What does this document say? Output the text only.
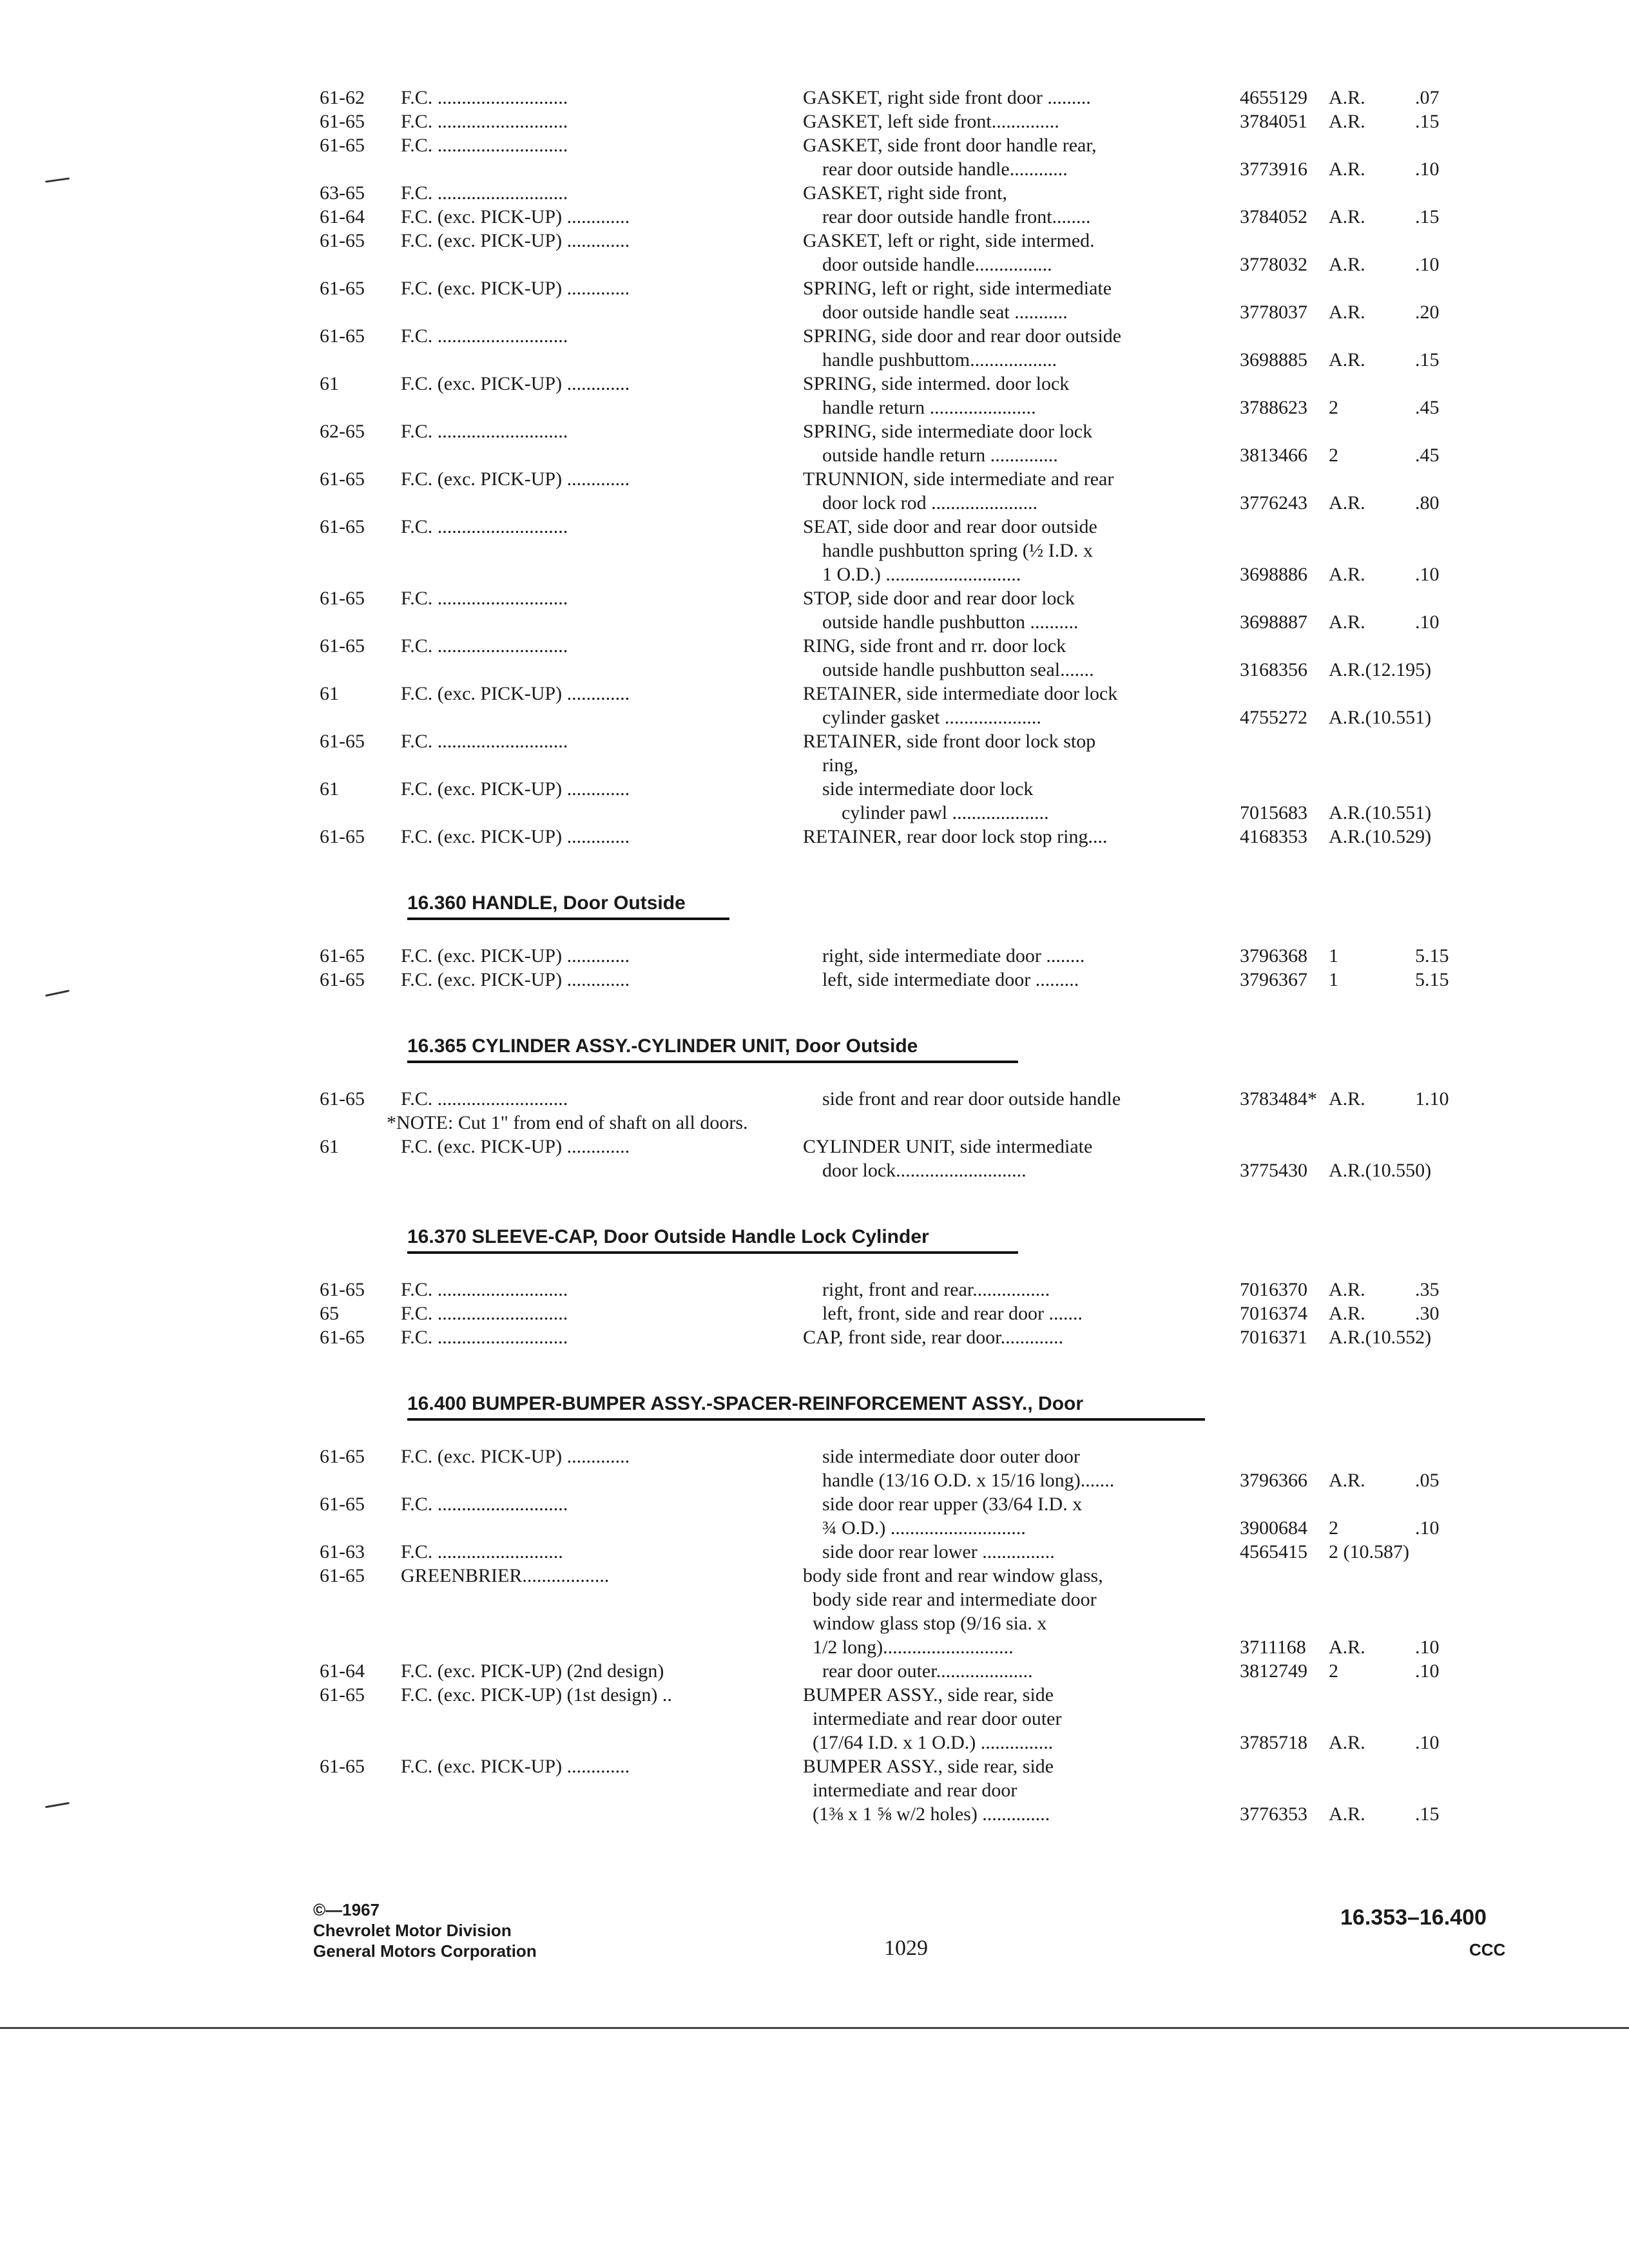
61-62 F.C. ...........................	GASKET, right side front door .........	4655129 A.R.	.07
61-65 F.C. ...........................	GASKET, left side front..............	3784051 A.R.	.15
61-65 F.C. ...........................	GASKET, side front door handle rear,
rear door outside handle............	3773916 A.R.	.10
63-65 F.C. ...........................	GASKET, right side front,
61-64 F.C. (exc. PICK-UP) .............	rear door outside handle front........	3784052 A.R.	.15
61-65 F.C. (exc. PICK-UP) .............	GASKET, left or right, side intermed.
door outside handle................	3778032 A.R.	.10
61-65 F.C. (exc. PICK-UP) .............	SPRING, left or right, side intermediate
door outside handle seat ...........	3778037 A.R.	.20
61-65 F.C. ...........................	SPRING, side door and rear door outside
handle pushbuttom..................	3698885 A.R.	.15
61	F.C. (exc. PICK-UP) .............	SPRING, side intermed. door lock
handle return ......................	3788623 2	.45
62-65 F.C. ...........................	SPRING, side intermediate door lock
outside handle return ..............	3813466 2	.45
61-65 F.C. (exc. PICK-UP) .............	TRUNNION, side intermediate and rear
door lock rod ......................	3776243 A.R.	.80
61-65 F.C. ...........................	SEAT, side door and rear door outside
handle pushbutton spring (½ I.D. x
1 O.D.) ............................	3698886 A.R.	.10
61-65 F.C. ...........................	STOP, side door and rear door lock
outside handle pushbutton ..........	3698887 A.R.	.10
61-65 F.C. ...........................	RING, side front and rr. door lock
outside handle pushbutton seal.......	3168356 A.R.(12.195)
61	F.C. (exc. PICK-UP) .............	RETAINER, side intermediate door lock
cylinder gasket ....................	4755272 A.R.(10.551)
61-65 F.C. ...........................	RETAINER, side front door lock stop
ring,
61	F.C. (exc. PICK-UP) .............	side intermediate door lock
cylinder pawl ....................	7015683 A.R.(10.551)
61-65 F.C. (exc. PICK-UP) .............	RETAINER, rear door lock stop ring....	4168353 A.R.(10.529)
16.360 HANDLE, Door Outside
61-65 F.C. (exc. PICK-UP) .............	right, side intermediate door ........	3796368 1	5.15
61-65 F.C. (exc. PICK-UP) .............	left, side intermediate door .........	3796367 1	5.15
16.365 CYLINDER ASSY.-CYLINDER UNIT, Door Outside
61-65 F.C. ...........................	side front and rear door outside handle	3783484* A.R.	1.10
*NOTE: Cut 1" from end of shaft on all doors.
61	F.C. (exc. PICK-UP) .............	CYLINDER UNIT, side intermediate
door lock...........................	3775430 A.R.(10.550)
16.370 SLEEVE-CAP, Door Outside Handle Lock Cylinder
61-65 F.C. ...........................	right, front and rear................	7016370 A.R.	.35
65	F.C. ...........................	left, front, side and rear door .......	7016374 A.R.	.30
61-65 F.C. ...........................	CAP, front side, rear door.............	7016371 A.R.(10.552)
16.400 BUMPER-BUMPER ASSY.-SPACER-REINFORCEMENT ASSY., Door
61-65 F.C. (exc. PICK-UP) .............	side intermediate door outer door
handle (13/16 O.D. x 15/16 long).......	3796366 A.R.	.05
61-65 F.C. ...........................	side door rear upper (33/64 I.D. x
¾ O.D.) ............................	3900684 2	.10
61-63 F.C. ..........................	side door rear lower ...............	4565415 2 (10.587)
61-65 GREENBRIER..................	body side front and rear window glass,
body side rear and intermediate door
window glass stop (9/16 sia. x
1/2 long)...........................	3711168 A.R.	.10
61-64 F.C. (exc. PICK-UP) (2nd design)	rear door outer....................	3812749 2	.10
61-65 F.C. (exc. PICK-UP) (1st design) ..	BUMPER ASSY., side rear, side
intermediate and rear door outer
(17/64 I.D. x 1 O.D.) ...............	3785718 A.R.	.10
61-65 F.C. (exc. PICK-UP) .............	BUMPER ASSY., side rear, side
intermediate and rear door
(1⅜ x 1 ⅝ w/2 holes) ..............	3776353 A.R.	.15
©—1967
Chevrolet Motor Division
General Motors Corporation	1029
16.353–16.400
CCC
